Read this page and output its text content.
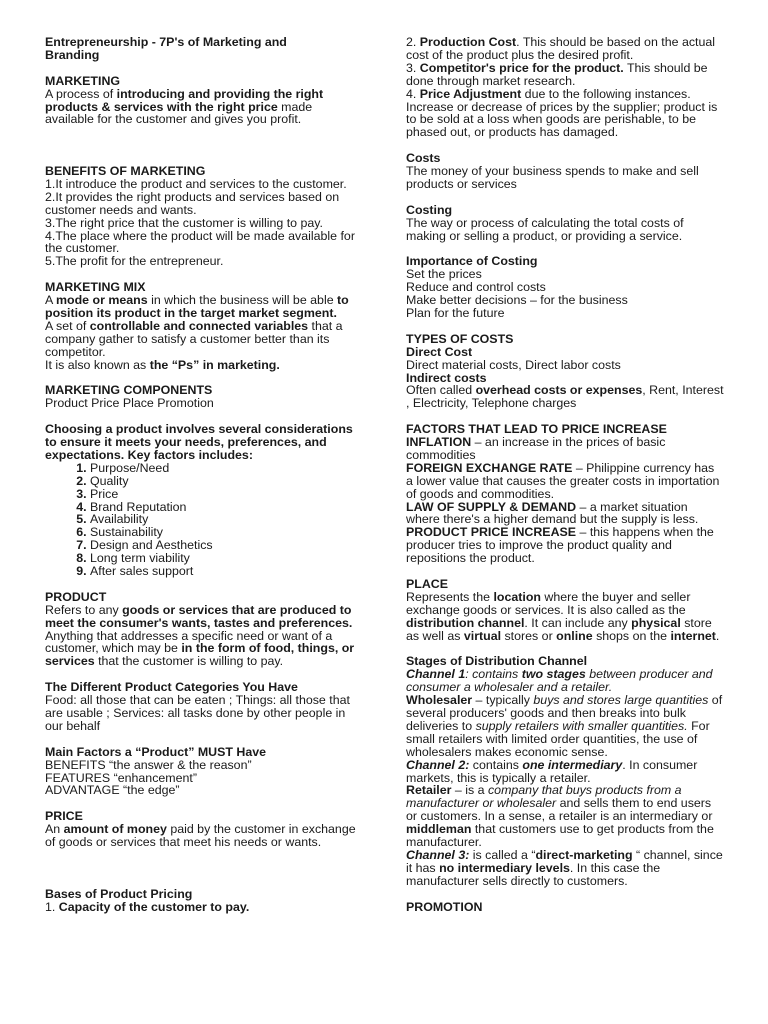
Entrepreneurship - 7P's of Marketing and
Branding

MARKETING

A process of introducing and providing the right products & services with the right price made available for the customer and gives you profit.

BENEFITS OF MARKETING

1.It introduce the product and services to the customer.

2.It provides the right products and services based on customer needs and wants.

3.The right price that the customer is willing to pay.

4.The place where the product will be made available for the customer.

5.The profit for the entrepreneur.

MARKETING MIX

A mode or means in which the business will be able to position its product in the target market segment.

A set of controllable and connected variables that a company gather to satisfy a customer better than its competitor.

It is also known as the “Ps” in marketing.

MARKETING COMPONENTS

Product Price Place Promotion

Choosing a product involves several considerations to ensure it meets your needs, preferences, and expectations. Key factors includes:

1. Purpose/Need
2. Quality
3. Price
4. Brand Reputation
5. Availability
6. Sustainability
7. Design and Aesthetics
8. Long term viability
9. After sales support

PRODUCT

Refers to any goods or services that are produced to meet the consumer's wants, tastes and preferences.

Anything that addresses a specific need or want of a customer, which may be in the form of food, things, or services that the customer is willing to pay.

The Different Product Categories You Have

Food: all those that can be eaten ; Things: all those that are usable ; Services: all tasks done by other people in our behalf

Main Factors a “Product” MUST Have

BENEFITS “the answer & the reason”

FEATURES “enhancement”

ADVANTAGE “the edge”

PRICE

An amount of money paid by the customer in exchange of goods or services that meet his needs or wants.

Bases of Product Pricing

1. Capacity of the customer to pay.

2. Production Cost. This should be based on the actual cost of the product plus the desired profit.

3. Competitor's price for the product. This should be done through market research.

4. Price Adjustment due to the following instances. Increase or decrease of prices by the supplier; product is to be sold at a loss when goods are perishable, to be phased out, or products has damaged.

Costs

The money of your business spends to make and sell products or services

Costing

The way or process of calculating the total costs of making or selling a product, or providing a service.

Importance of Costing

Set the prices

Reduce and control costs

Make better decisions – for the business

Plan for the future

TYPES OF COSTS

Direct Cost

Direct material costs, Direct labor costs

Indirect costs

Often called overhead costs or expenses, Rent, Interest , Electricity, Telephone charges

FACTORS THAT LEAD TO PRICE INCREASE

INFLATION – an increase in the prices of basic commodities

FOREIGN EXCHANGE RATE – Philippine currency has a lower value that causes the greater costs in importation of goods and commodities.

LAW OF SUPPLY & DEMAND – a market situation where there's a higher demand but the supply is less. PRODUCT PRICE INCREASE – this happens when the producer tries to improve the product quality and repositions the product.

PLACE

Represents the location where the buyer and seller exchange goods or services. It is also called as the distribution channel. It can include any physical store as well as virtual stores or online shops on the internet.

Stages of Distribution Channel

Channel 1: contains two stages between producer and consumer a wholesaler and a retailer.

Wholesaler – typically buys and stores large quantities of several producers' goods and then breaks into bulk deliveries to supply retailers with smaller quantities. For small retailers with limited order quantities, the use of wholesalers makes economic sense.

Channel 2: contains one intermediary. In consumer markets, this is typically a retailer.

Retailer – is a company that buys products from a manufacturer or wholesaler and sells them to end users or customers. In a sense, a retailer is an intermediary or middleman that customers use to get products from the manufacturer.

Channel 3: is called a “direct-marketing “ channel, since it has no intermediary levels. In this case the manufacturer sells directly to customers.

PROMOTION
